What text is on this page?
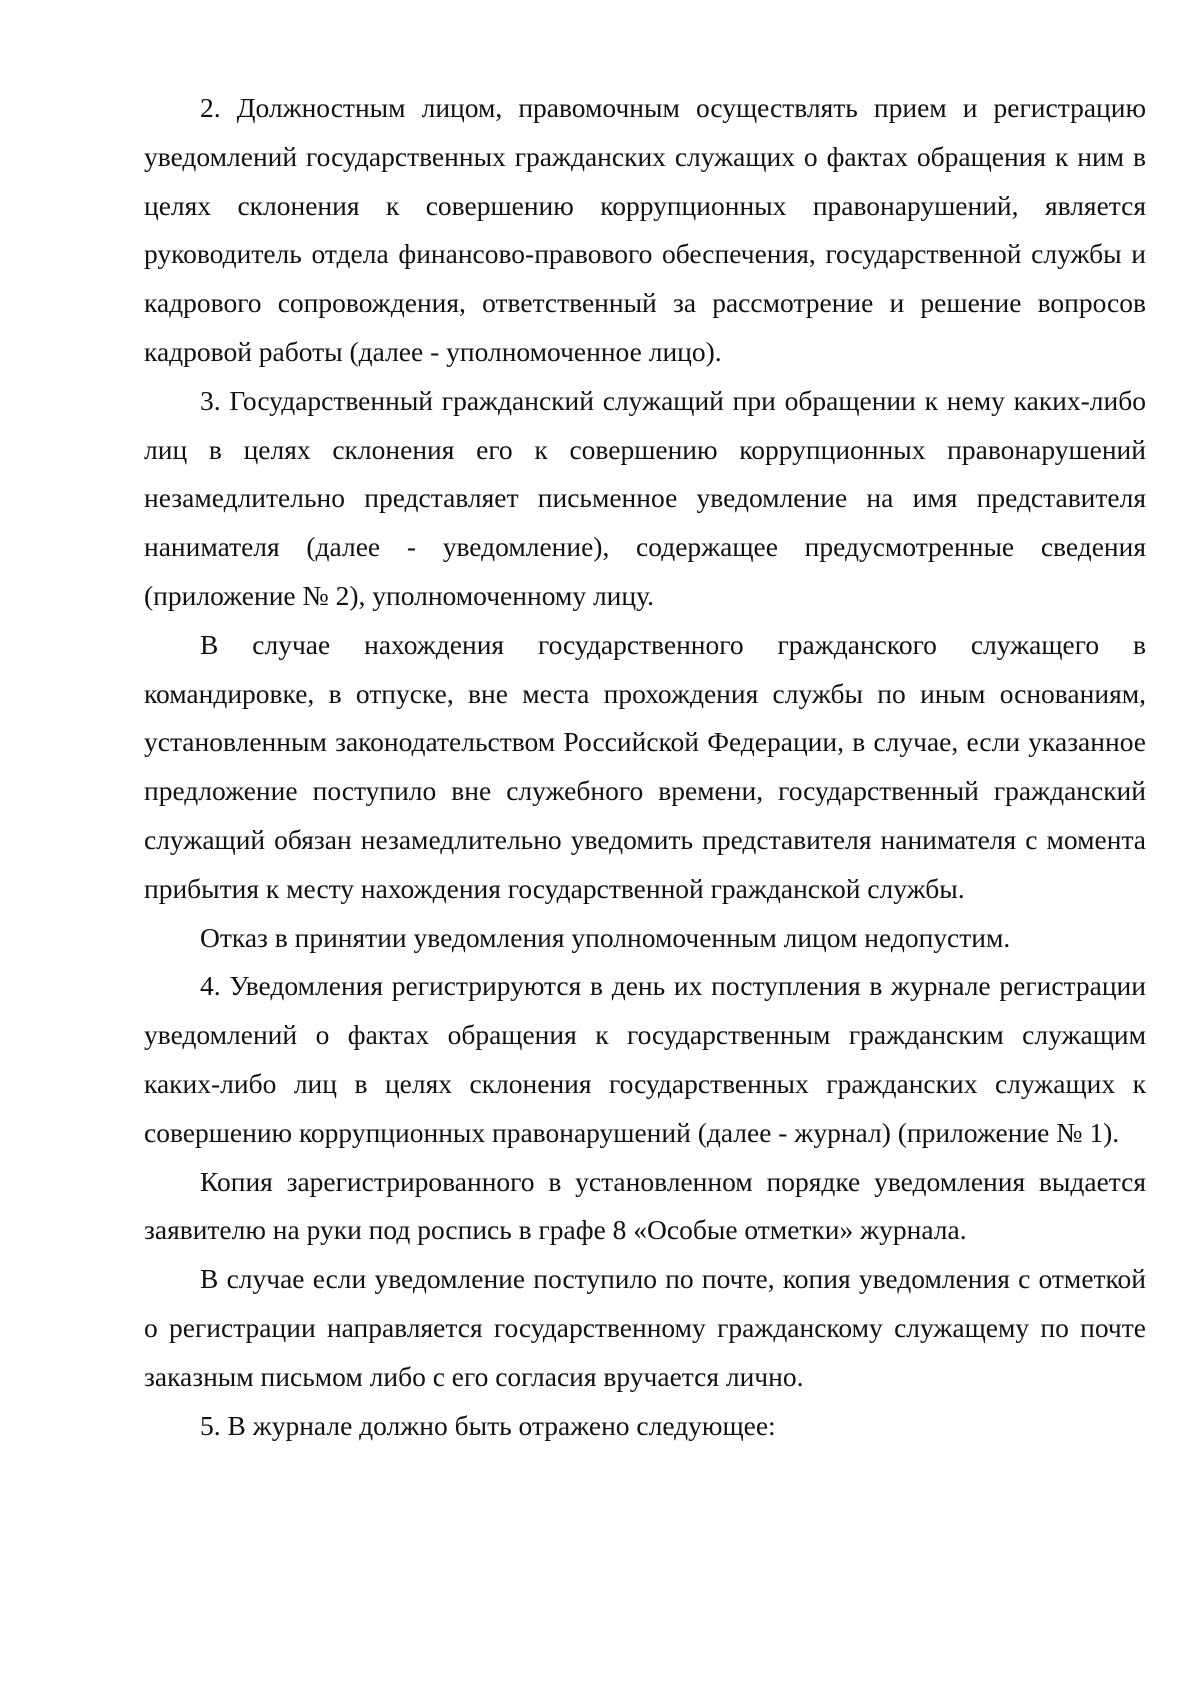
2. Должностным лицом, правомочным осуществлять прием и регистрацию уведомлений государственных гражданских служащих о фактах обращения к ним в целях склонения к совершению коррупционных правонарушений, является руководитель отдела финансово-правового обеспечения, государственной службы и кадрового сопровождения, ответственный за рассмотрение и решение вопросов кадровой работы (далее - уполномоченное лицо).

3. Государственный гражданский служащий при обращении к нему каких-либо лиц в целях склонения его к совершению коррупционных правонарушений незамедлительно представляет письменное уведомление на имя представителя нанимателя (далее - уведомление), содержащее предусмотренные сведения (приложение № 2), уполномоченному лицу.

В случае нахождения государственного гражданского служащего в командировке, в отпуске, вне места прохождения службы по иным основаниям, установленным законодательством Российской Федерации, в случае, если указанное предложение поступило вне служебного времени, государственный гражданский служащий обязан незамедлительно уведомить представителя нанимателя с момента прибытия к месту нахождения государственной гражданской службы.

Отказ в принятии уведомления уполномоченным лицом недопустим.

4. Уведомления регистрируются в день их поступления в журнале регистрации уведомлений о фактах обращения к государственным гражданским служащим каких-либо лиц в целях склонения государственных гражданских служащих к совершению коррупционных правонарушений (далее - журнал) (приложение № 1).

Копия зарегистрированного в установленном порядке уведомления выдается заявителю на руки под роспись в графе 8 «Особые отметки» журнала.

В случае если уведомление поступило по почте, копия уведомления с отметкой о регистрации направляется государственному гражданскому служащему по почте заказным письмом либо с его согласия вручается лично.

5. В журнале должно быть отражено следующее:
